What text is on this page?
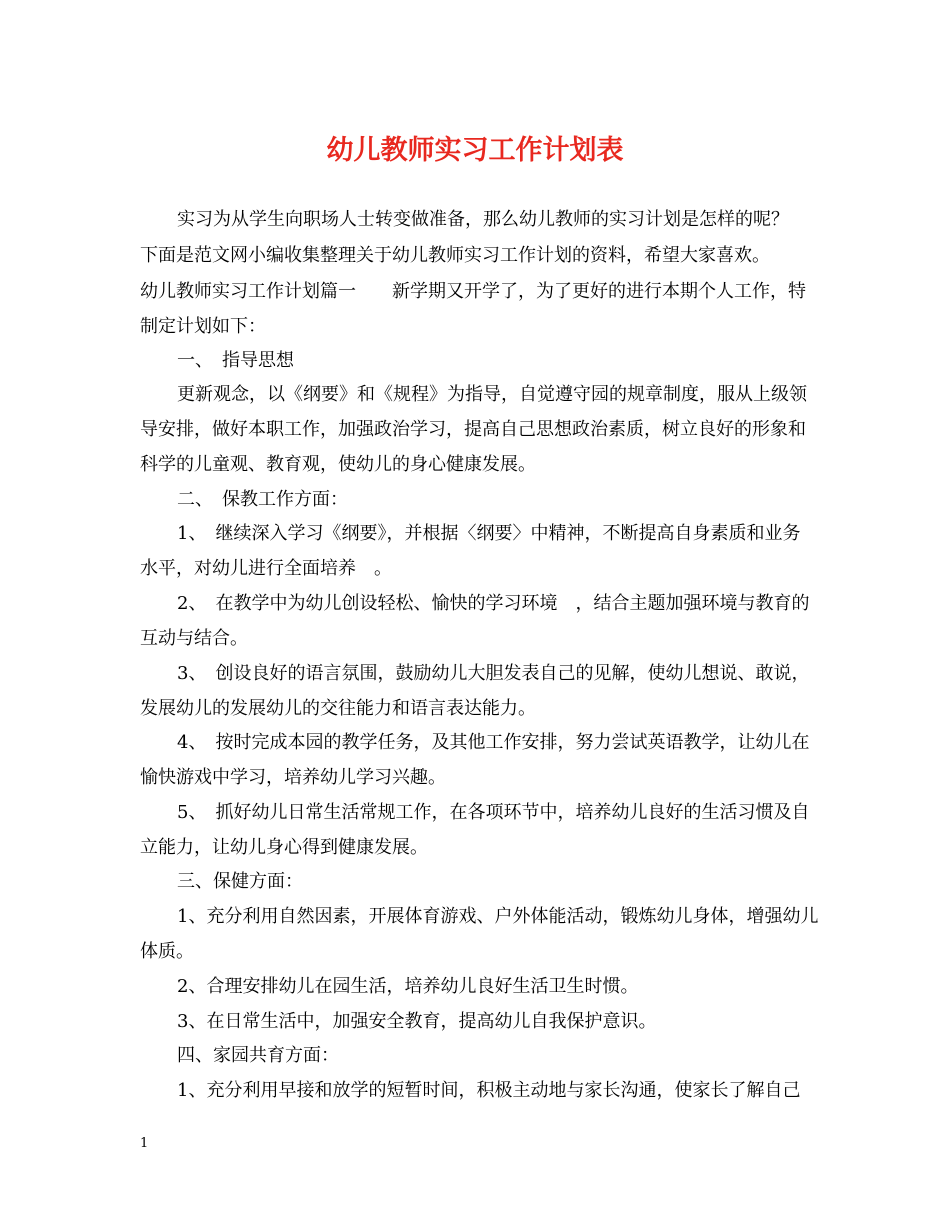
幼儿教师实习工作计划表

实习为从学生向职场人士转变做准备，那么幼儿教师的实习计划是怎样的呢？

下面是范文网小编收集整理关于幼儿教师实习工作计划的资料，希望大家喜欢。

幼儿教师实习工作计划篇一　　新学期又开学了，为了更好的进行本期个人工作，特

制定计划如下：

一、　指导思想

更新观念，以《纲要》和《规程》为指导，自觉遵守园的规章制度，服从上级领

导安排，做好本职工作，加强政治学习，提高自己思想政治素质，树立良好的形象和

科学的儿童观、教育观，使幼儿的身心健康发展。

二、　保教工作方面：

1、　继续深入学习《纲要》，并根据〈纲要〉中精神，不断提高自身素质和业务

水平，对幼儿进行全面培养　。

2、　在教学中为幼儿创设轻松、愉快的学习环境　，结合主题加强环境与教育的

互动与结合。

3、　创设良好的语言氛围，鼓励幼儿大胆发表自己的见解，使幼儿想说、敢说，

发展幼儿的发展幼儿的交往能力和语言表达能力。

4、　按时完成本园的教学任务，及其他工作安排，努力尝试英语教学，让幼儿在

愉快游戏中学习，培养幼儿学习兴趣。

5、　抓好幼儿日常生活常规工作，在各项环节中，培养幼儿良好的生活习惯及自

立能力，让幼儿身心得到健康发展。

三、保健方面：

1、充分利用自然因素，开展体育游戏、户外体能活动，锻炼幼儿身体，增强幼儿

体质。

2、合理安排幼儿在园生活，培养幼儿良好生活卫生时惯。

3、在日常生活中，加强安全教育，提高幼儿自我保护意识。

四、家园共育方面：

1、充分利用早接和放学的短暂时间，积极主动地与家长沟通，使家长了解自己

1
